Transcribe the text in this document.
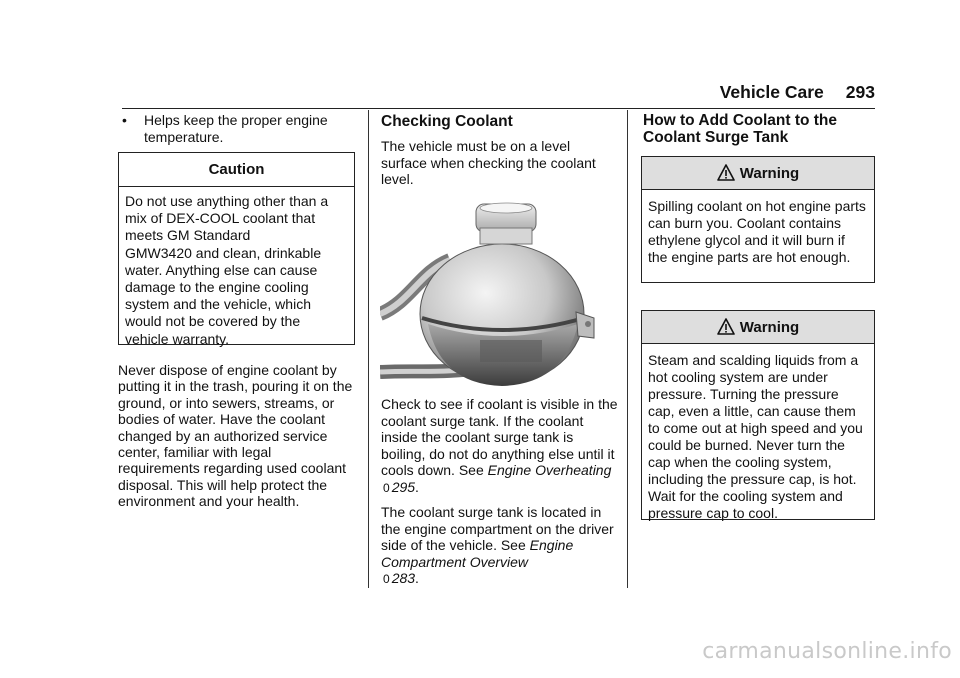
Vehicle Care 293
•	Helps keep the proper engine temperature.
Caution
Do not use anything other than a
mix of DEX-COOL coolant that
meets GM Standard
GMW3420 and clean, drinkable
water. Anything else can cause
damage to the engine cooling
system and the vehicle, which
would not be covered by the
vehicle warranty.
Never dispose of engine coolant by putting it in the trash, pouring it on the ground, or into sewers, streams, or bodies of water. Have the coolant changed by an authorized service center, familiar with legal requirements regarding used coolant disposal. This will help protect the environment and your health.
Checking Coolant

The vehicle must be on a level surface when checking the coolant level.

Check to see if coolant is visible in the coolant surge tank. If the coolant inside the coolant surge tank is boiling, do not do anything else until it cools down. See Engine Overheating 0 295.

The coolant surge tank is located in the engine compartment on the driver side of the vehicle. See Engine Compartment Overview
0 283.

How to Add Coolant to the
Coolant Surge Tank
Warning
Spilling coolant on hot engine parts can burn you. Coolant contains ethylene glycol and it will burn if the engine parts are hot enough.
Warning
Steam and scalding liquids from a hot cooling system are under pressure. Turning the pressure cap, even a little, can cause them to come out at high speed and you could be burned. Never turn the cap when the cooling system, including the pressure cap, is hot. Wait for the cooling system and pressure cap to cool.
carmanualsonline.info
